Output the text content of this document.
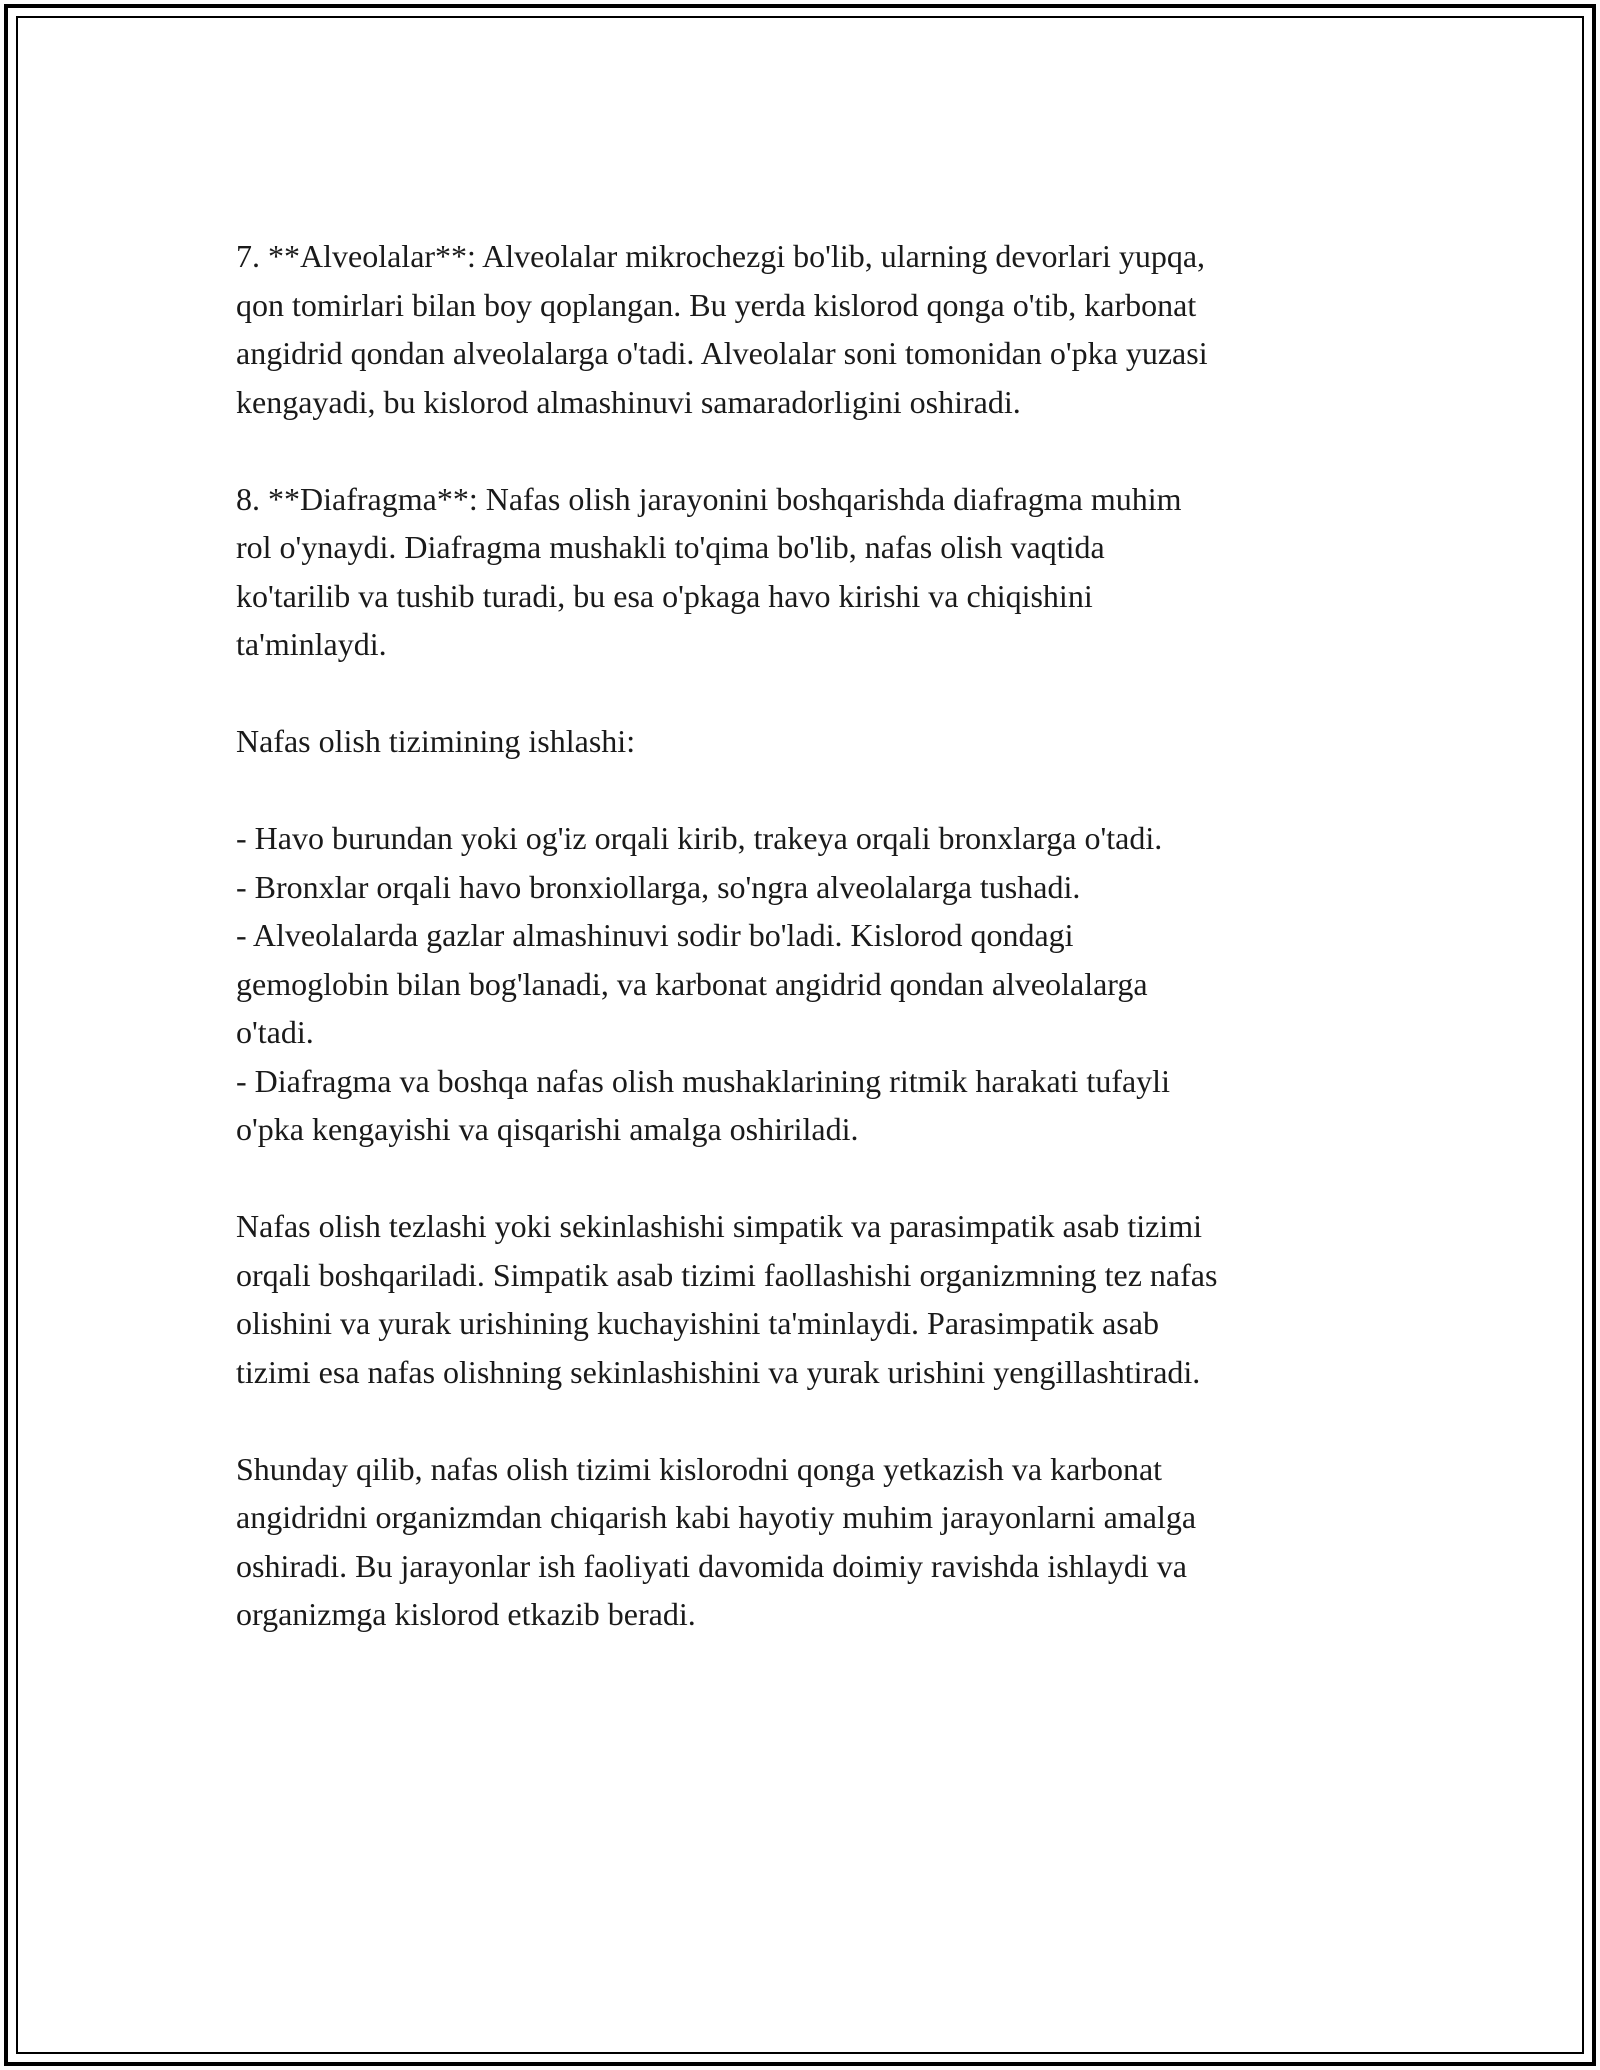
7. **Alveolalar**: Alveolalar mikrochezgi bo'lib, ularning devorlari yupqa,
qon tomirlari bilan boy qoplangan. Bu yerda kislorod qonga o'tib, karbonat
angidrid qondan alveolalarga o'tadi. Alveolalar soni tomonidan o'pka yuzasi
kengayadi, bu kislorod almashinuvi samaradorligini oshiradi.

8. **Diafragma**: Nafas olish jarayonini boshqarishda diafragma muhim
rol o'ynaydi. Diafragma mushakli to'qima bo'lib, nafas olish vaqtida
ko'tarilib va tushib turadi, bu esa o'pkaga havo kirishi va chiqishini
ta'minlaydi.

Nafas olish tizimining ishlashi:

- Havo burundan yoki og'iz orqali kirib, trakeya orqali bronxlarga o'tadi.
- Bronxlar orqali havo bronxiollarga, so'ngra alveolalarga tushadi.
- Alveolalarda gazlar almashinuvi sodir bo'ladi. Kislorod qondagi
gemoglobin bilan bog'lanadi, va karbonat angidrid qondan alveolalarga
o'tadi.
- Diafragma va boshqa nafas olish mushaklarining ritmik harakati tufayli
o'pka kengayishi va qisqarishi amalga oshiriladi.

Nafas olish tezlashi yoki sekinlashishi simpatik va parasimpatik asab tizimi
orqali boshqariladi. Simpatik asab tizimi faollashishi organizmning tez nafas
olishini va yurak urishining kuchayishini ta'minlaydi. Parasimpatik asab
tizimi esa nafas olishning sekinlashishini va yurak urishini yengillashtiradi.

Shunday qilib, nafas olish tizimi kislorodni qonga yetkazish va karbonat
angidridni organizmdan chiqarish kabi hayotiy muhim jarayonlarni amalga
oshiradi. Bu jarayonlar ish faoliyati davomida doimiy ravishda ishlaydi va
organizmga kislorod etkazib beradi.
